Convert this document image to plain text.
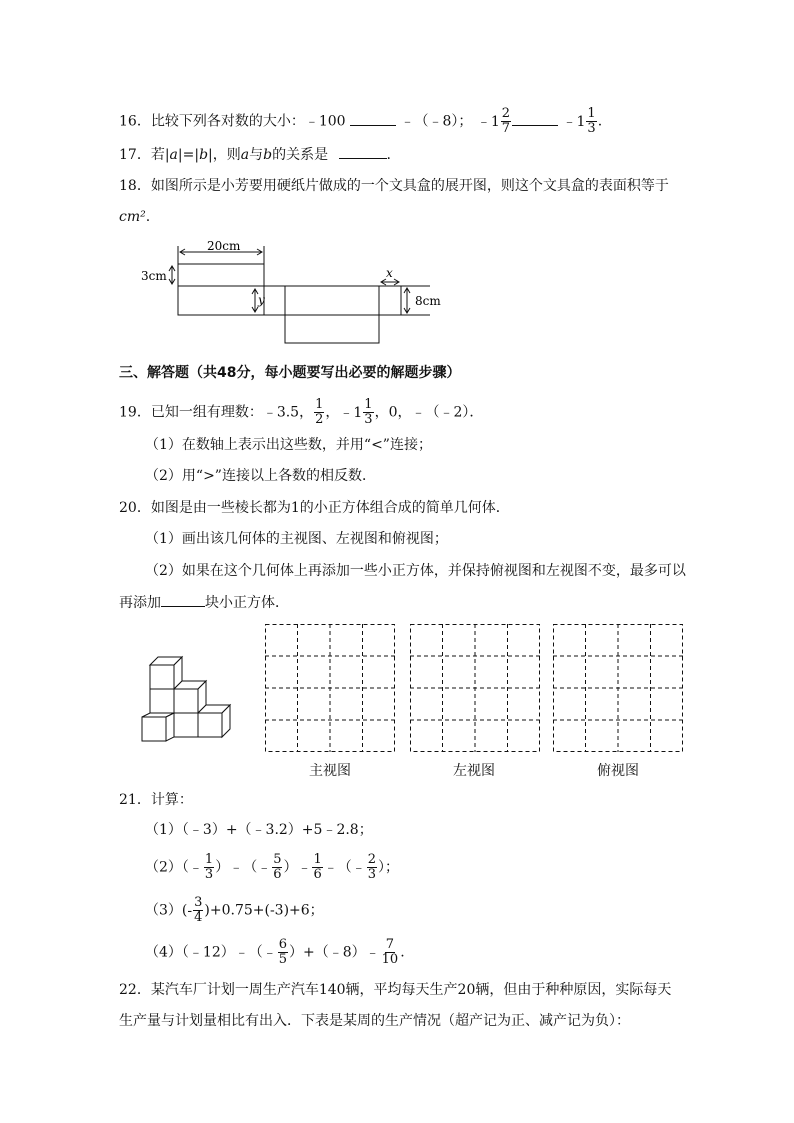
16．比较下列各对数的大小：﹣100	﹣（﹣8）； ﹣1 $\frac{2}{7}$
	﹣1 $\frac{1}{3}$ .
17．若|a|=|b|，则a与b的关系是	.
18．如图所示是小芳要用硬纸片做成的一个文具盒的展开图，则这个文具盒的表面积等于
cm².
20cm
3cm
y
x
8cm
三、解答题（共48分，每小题要写出必要的解题步骤）
19．已知一组有理数：﹣3.5， $\frac{1}{2}$ ， ﹣1 $\frac{1}{3}$ ，0，﹣（﹣2）．
（1）在数轴上表示出这些数，并用“<”连接；
（2）用“>”连接以上各数的相反数．
20．如图是由一些棱长都为1的小正方体组合成的简单几何体．
（1）画出该几何体的主视图、左视图和俯视图；
（2）如果在这个几何体上再添加一些小正方体，并保持俯视图和左视图不变，最多可以
再添加	块小正方体．
主视图	左视图	俯视图
21．计算：
（1）（﹣3）+（﹣3.2）+5﹣2.8；
（2）（﹣ $\frac{1}{3}$ ）﹣（﹣ $\frac{5}{6}$ ）﹣ $\frac{1}{6}$ ﹣（﹣ $\frac{2}{3}$ ）；
$(3)(- \frac{3}{4} )+0.75+(-3)+6$；
（4）（﹣12）﹣（﹣ $\frac{6}{5}$ ）+（﹣8）﹣ $\frac{7}{10}$ .
22．某汽车厂计划一周生产汽车140辆，平均每天生产20辆，但由于种种原因，实际每天
生产量与计划量相比有出入．下表是某周的生产情况（超产记为正、减产记为负）：
